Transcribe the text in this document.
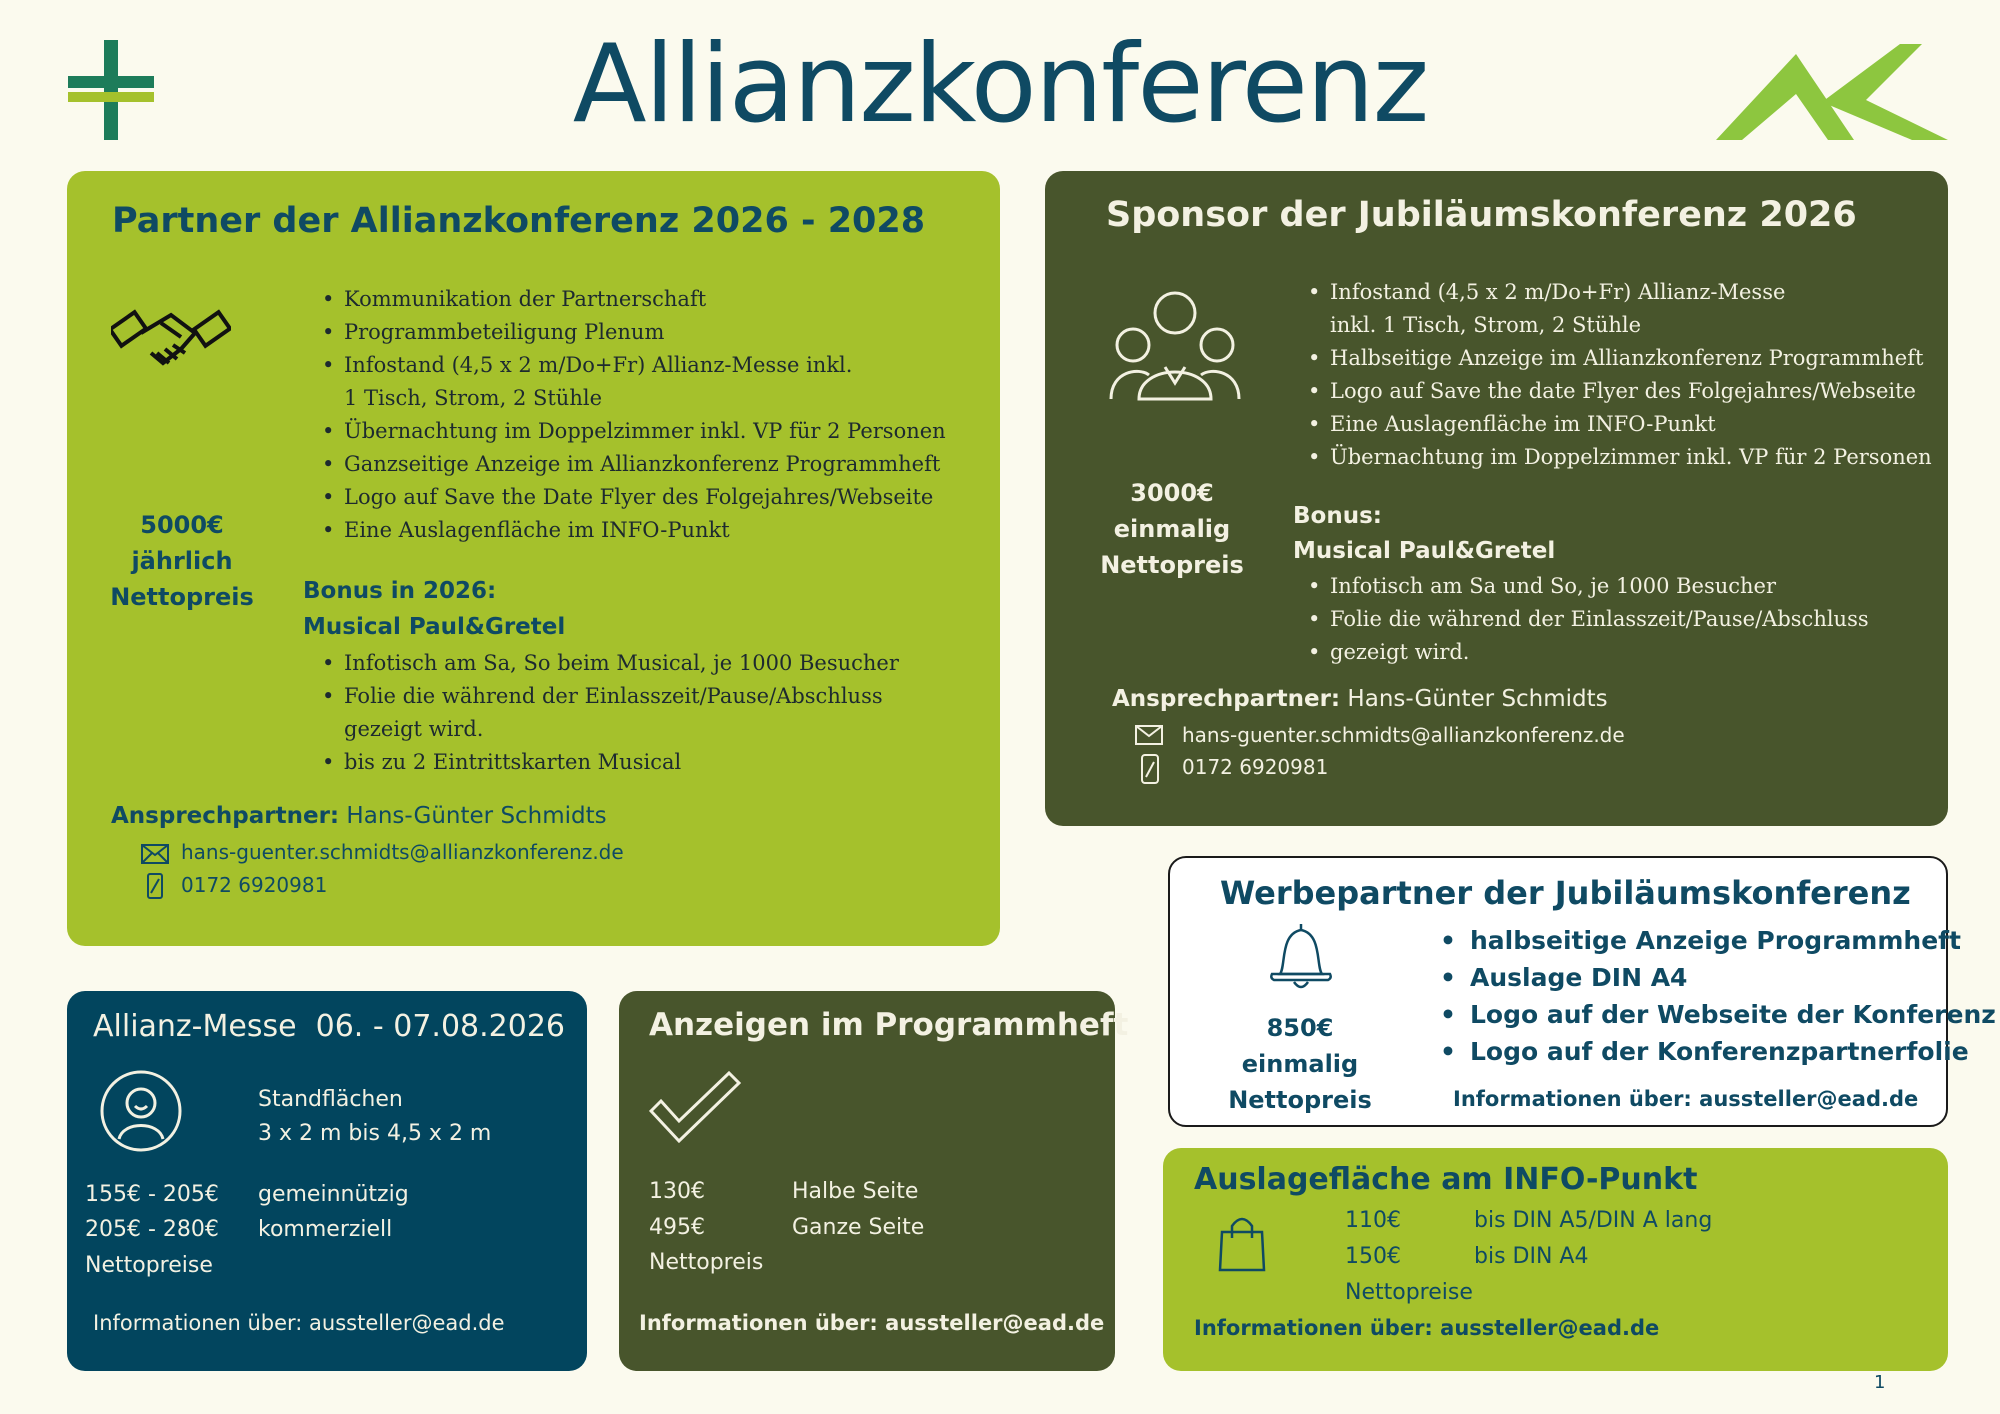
Allianzkonferenz
Partner der Allianzkonferenz 2026 - 2028
• Kommunikation der Partnerschaft
• Programmbeteiligung Plenum
• Infostand (4,5 x 2 m/Do+Fr) Allianz-Messe inkl.
1 Tisch, Strom, 2 Stühle
• Übernachtung im Doppelzimmer inkl. VP für 2 Personen
• Ganzseitige Anzeige im Allianzkonferenz Programmheft
• Logo auf Save the Date Flyer des Folgejahres/Webseite
• Eine Auslagenfläche im INFO-Punkt
5000€
jährlich
Nettopreis Bonus in 2026:
Musical Paul&Gretel
• Infotisch am Sa, So beim Musical, je 1000 Besucher
• Folie die während der Einlasszeit/Pause/Abschluss
gezeigt wird.
• bis zu 2 Eintrittskarten Musical
Ansprechpartner: Hans-Günter Schmidts
hans-guenter.schmidts@allianzkonferenz.de
0172 6920981
Sponsor der Jubiläumskonferenz 2026
• Infostand (4,5 x 2 m/Do+Fr) Allianz-Messe
inkl. 1 Tisch, Strom, 2 Stühle
• Halbseitige Anzeige im Allianzkonferenz Programmheft
• Logo auf Save the date Flyer des Folgejahres/Webseite
• Eine Auslagenfläche im INFO-Punkt
• Übernachtung im Doppelzimmer inkl. VP für 2 Personen
3000€
einmalig
Nettopreis
Bonus:
Musical Paul&Gretel
• Infotisch am Sa und So, je 1000 Besucher
• Folie die während der Einlasszeit/Pause/Abschluss
• gezeigt wird.
Ansprechpartner: Hans-Günter Schmidts
hans-guenter.schmidts@allianzkonferenz.de
0172 6920981
Werbepartner der Jubiläumskonferenz
850€
einmalig
Nettopreis
• halbseitige Anzeige Programmheft
• Auslage DIN A4
• Logo auf der Webseite der Konferenz
• Logo auf der Konferenzpartnerfolie
Informationen über: aussteller@ead.de
Allianz-Messe  06. - 07.08.2026
Standflächen
3 x 2 m bis 4,5 x 2 m
155€ - 205€ gemeinnützig
205€ - 280€ kommerziell
Nettopreise
Informationen über: aussteller@ead.de
Anzeigen im Programmheft
130€	Halbe Seite
495€	Ganze Seite
Nettopreis
Informationen über: aussteller@ead.de
Auslagefläche am INFO-Punkt
110€	bis DIN A5/DIN A lang
150€	bis DIN A4
Nettopreise
Informationen über: aussteller@ead.de
1
